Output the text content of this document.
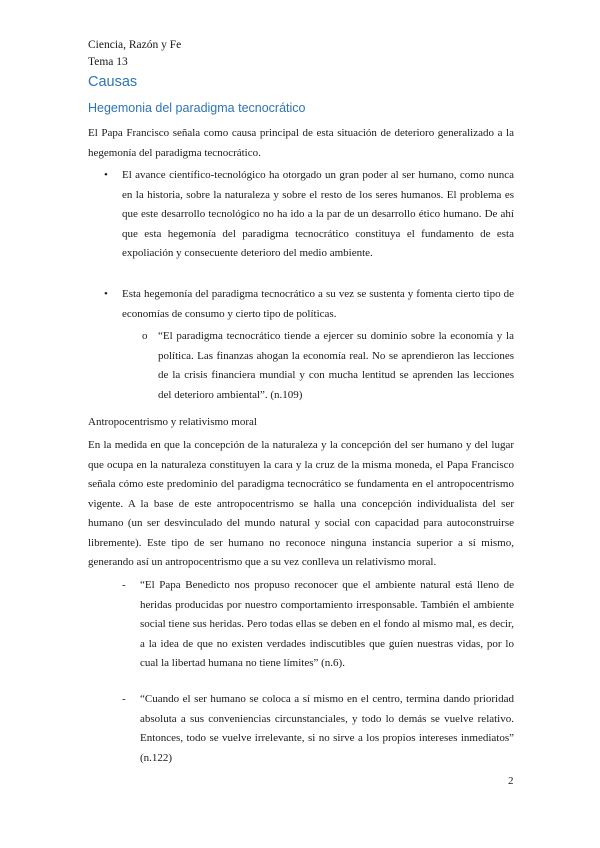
Ciencia, Razón y Fe
Tema 13
Causas
Hegemonia del paradigma tecnocrático

El Papa Francisco señala como causa principal de esta situación de deterioro generalizado a la hegemonía del paradigma tecnocrático.

• El avance científico-tecnológico ha otorgado un gran poder al ser humano, como nunca en la historia, sobre la naturaleza y sobre el resto de los seres humanos. El problema es que este desarrollo tecnológico no ha ido a la par de un desarrollo ético humano. De ahí que esta hegemonía del paradigma tecnocrático constituya el fundamento de esta expoliación y consecuente deterioro del medio ambiente.

• Esta hegemonía del paradigma tecnocrático a su vez se sustenta y fomenta cierto tipo de economías de consumo y cierto tipo de políticas.

o “El paradigma tecnocrático tiende a ejercer su dominio sobre la economía y la política. Las finanzas ahogan la economía real. No se aprendieron las lecciones de la crisis financiera mundial y con mucha lentitud se aprenden las lecciones del deterioro ambiental”. (n.109)

Antropocentrismo y relativismo moral

En la medida en que la concepción de la naturaleza y la concepción del ser humano y del lugar que ocupa en la naturaleza constituyen la cara y la cruz de la misma moneda, el Papa Francisco señala cómo este predominio del paradigma tecnocrático se fundamenta en el antropocentrismo vigente. A la base de este antropocentrismo se halla una concepción individualista del ser humano (un ser desvinculado del mundo natural y social con capacidad para autoconstruirse libremente). Este tipo de ser humano no reconoce ninguna instancia superior a sí mismo, generando así un antropocentrismo que a su vez conlleva un relativismo moral.

- “El Papa Benedicto nos propuso reconocer que el ambiente natural está lleno de heridas producidas por nuestro comportamiento irresponsable. También el ambiente social tiene sus heridas. Pero todas ellas se deben en el fondo al mismo mal, es decir, a la idea de que no existen verdades indiscutibles que guíen nuestras vidas, por lo cual la libertad humana no tiene límites” (n.6).

- “Cuando el ser humano se coloca a sí mismo en el centro, termina dando prioridad absoluta a sus conveniencias circunstanciales, y todo lo demás se vuelve relativo. Entonces, todo se vuelve irrelevante, si no sirve a los propios intereses inmediatos” (n.122)

2
